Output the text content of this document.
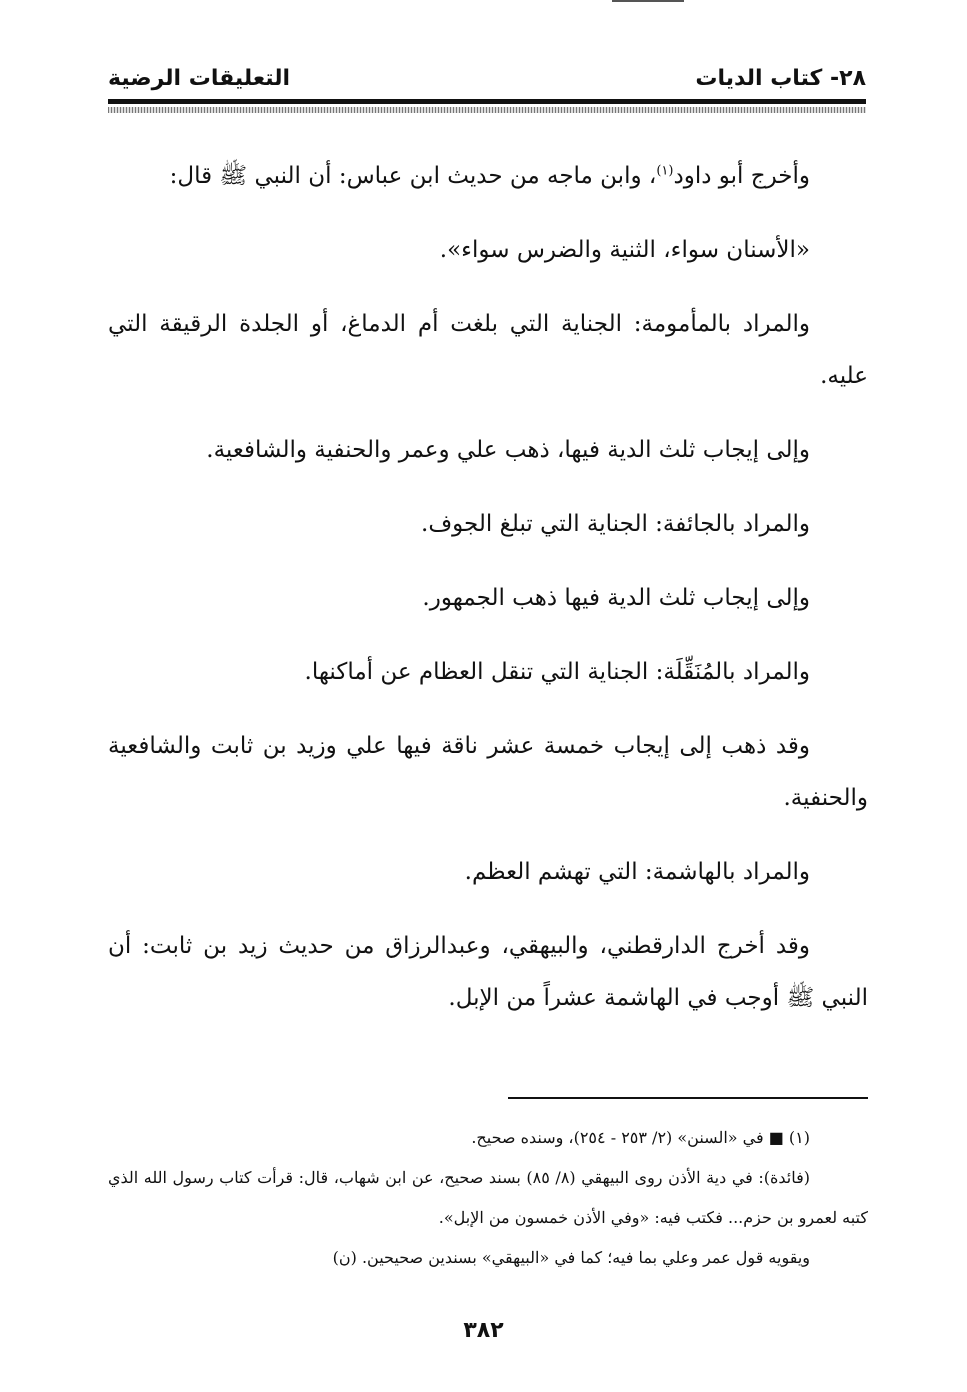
٢٨- كتاب الديات
التعليقات الرضية

وأخرج أبو داود$^{(١)}$، وابن ماجه من حديث ابن عباس: أن النبي ﷺ قال:

«الأسنان سواء، الثنية والضرس سواء».

والمراد بالمأمومة: الجناية التي بلغت أم الدماغ، أو الجلدة الرقيقة التي عليه.

وإلى إيجاب ثلث الدية فيها، ذهب علي وعمر والحنفية والشافعية.

والمراد بالجائفة: الجناية التي تبلغ الجوف.

وإلى إيجاب ثلث الدية فيها ذهب الجمهور.

والمراد بالمُنَقِّلَة: الجناية التي تنقل العظام عن أماكنها.

وقد ذهب إلى إيجاب خمسة عشر ناقة فيها علي وزيد بن ثابت والشافعية والحنفية.

والمراد بالهاشمة: التي تهشم العظم.

وقد أخرج الدارقطني، والبيهقي، وعبدالرزاق من حديث زيد بن ثابت: أن النبي ﷺ أوجب في الهاشمة عشراً من الإبل.

(١) ■ في «السنن» (٢/ ٢٥٣ - ٢٥٤)، وسنده صحيح.

(فائدة): في دية الأذن روى البيهقي (٨/ ٨٥) بسند صحيح، عن ابن شهاب، قال: قرأت كتاب رسول الله الذي كتبه لعمرو بن حزم... فكتب فيه: «وفي الأذن خمسون من الإبل».

ويقويه قول عمر وعلي بما فيه؛ كما في «البيهقي» بسندين صحيحين. (ن)

٣٨٢
